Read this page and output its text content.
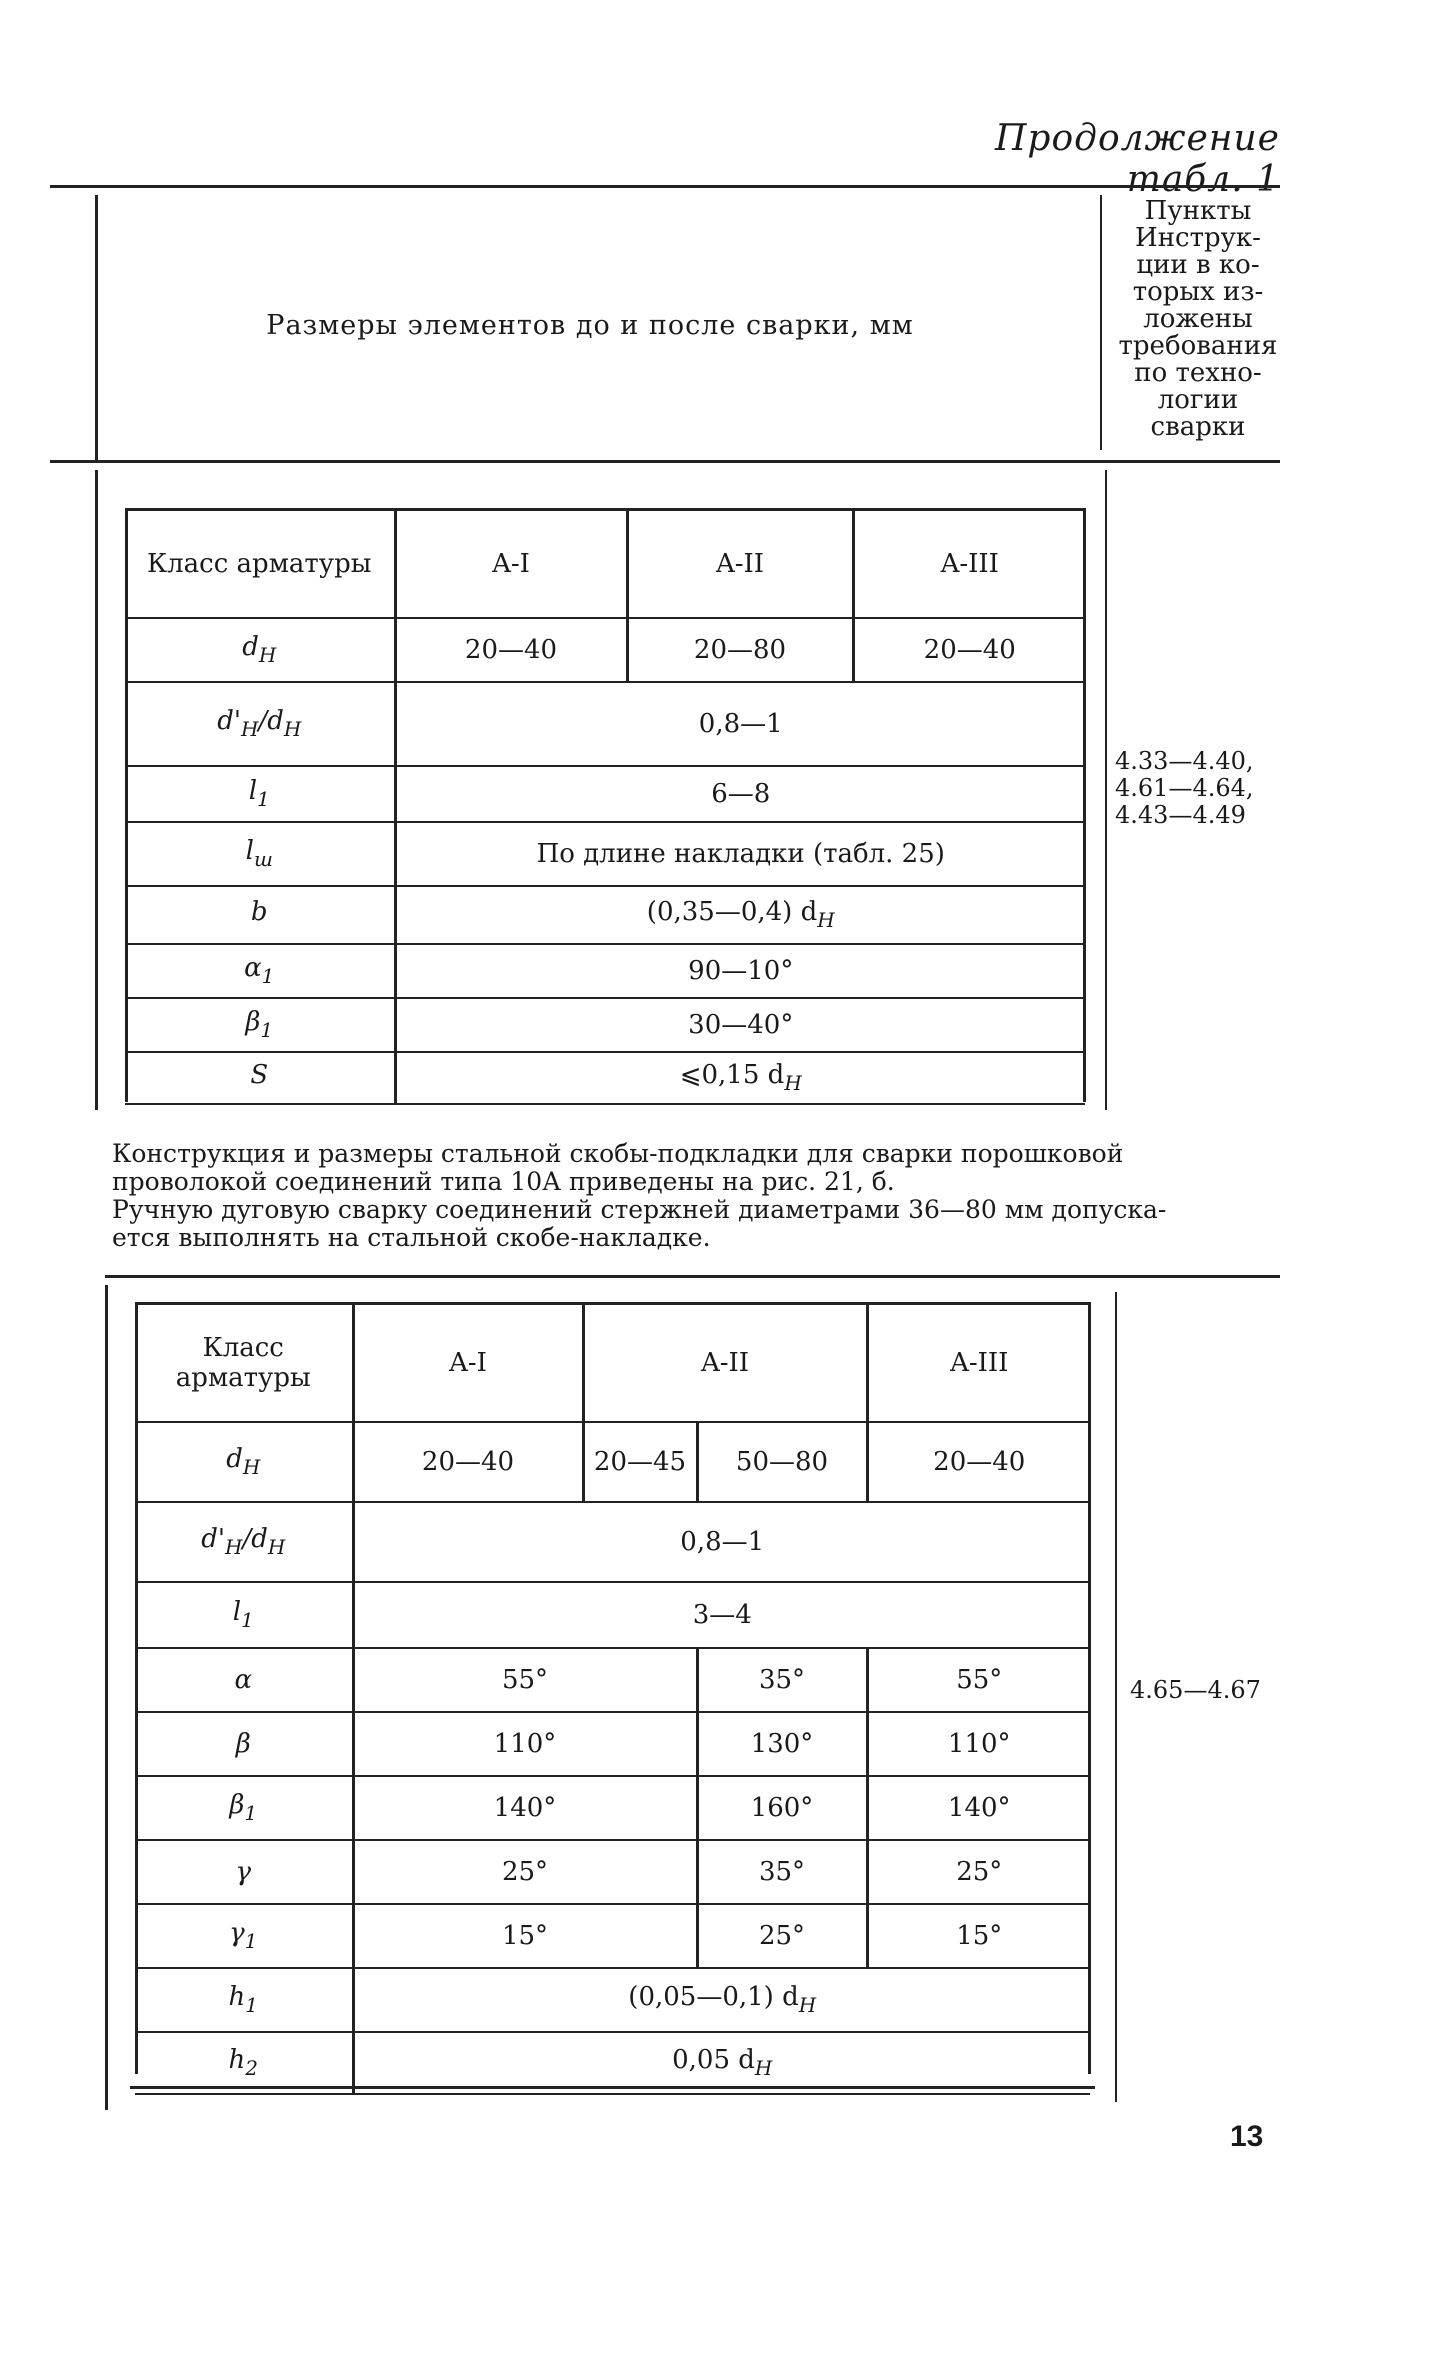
Продолжение табл. 1
Размеры элементов до и после сварки, мм
Пункты
Инструк-
ции в ко-
торых из-
ложены
требования
по техно-
логии
сварки
Класс арматуры	A-I	A-II	A-III
$d_Н$	20—40	20—80	20—40
$d'_Н/d_Н$	0,8—1		
$l_1$	6—8		
$l_ш$	По длине накладки (табл. 25)		
b	(0,35—0,4) $d_Н$
$\alpha_1$	90—10°		
$\beta_1$	30—40°		
S	⩽0,15 $d_Н$
4.33—4.40,
4.61—4.64,
4.43—4.49
Конструкция и размеры стальной скобы-подкладки для сварки порошковой
проволокой соединений типа 10А приведены на рис. 21, б.
Ручную дуговую сварку соединений стержней диаметрами 36—80 мм допуска-
ется выполнять на стальной скобе-накладке.
Класс
арматуры	A-I	A-II		A-III
$d_Н$	20—40	20—45	50—80	20—40
$d'_Н/d_Н$	0,8—1			
$l_1$	3—4			
α	55°		35°	55°
β	110°		130°	110°
$\beta_1$	140°		160°	140°
γ	25°		35°	25°
$\gamma_1$	15°		25°	15°
$h_1$	(0,05—0,1) $d_Н$
$h_2$	0,05 $d_Н$
4.65—4.67
13
